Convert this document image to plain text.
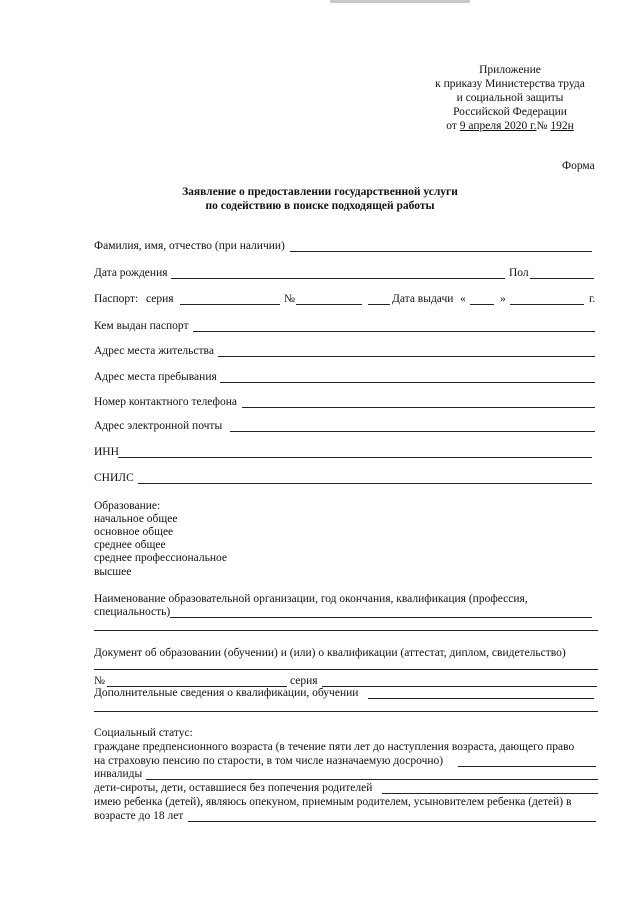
Приложение
к приказу Министерства труда
и социальной защиты
Российской Федерации
от 9 апреля 2020 г.№ 192н
Форма
Заявление о предоставлении государственной услуги
по содействию в поиске подходящей работы
Фамилия, имя, отчество (при наличии)
Дата рождения	Пол
Паспорт: серия	№	Дата выдачи «	»	г.
Кем выдан паспорт
Адрес места жительства
Адрес места пребывания
Номер контактного телефона
Адрес электронной почты
ИНН
СНИЛС
Образование:
начальное общее
основное общее
среднее общее
среднее профессиональное
высшее
Наименование образовательной организации, год окончания, квалификация (профессия,
специальность)
Документ об образовании (обучении) и (или) о квалификации (аттестат, диплом, свидетельство)
№	серия
Дополнительные сведения о квалификации, обучении
Социальный статус:
граждане предпенсионного возраста (в течение пяти лет до наступления возраста, дающего право
на страховую пенсию по старости, в том числе назначаемую досрочно)
инвалиды
дети-сироты, дети, оставшиеся без попечения родителей
имею ребенка (детей), являюсь опекуном, приемным родителем, усыновителем ребенка (детей) в
возрасте до 18 лет
